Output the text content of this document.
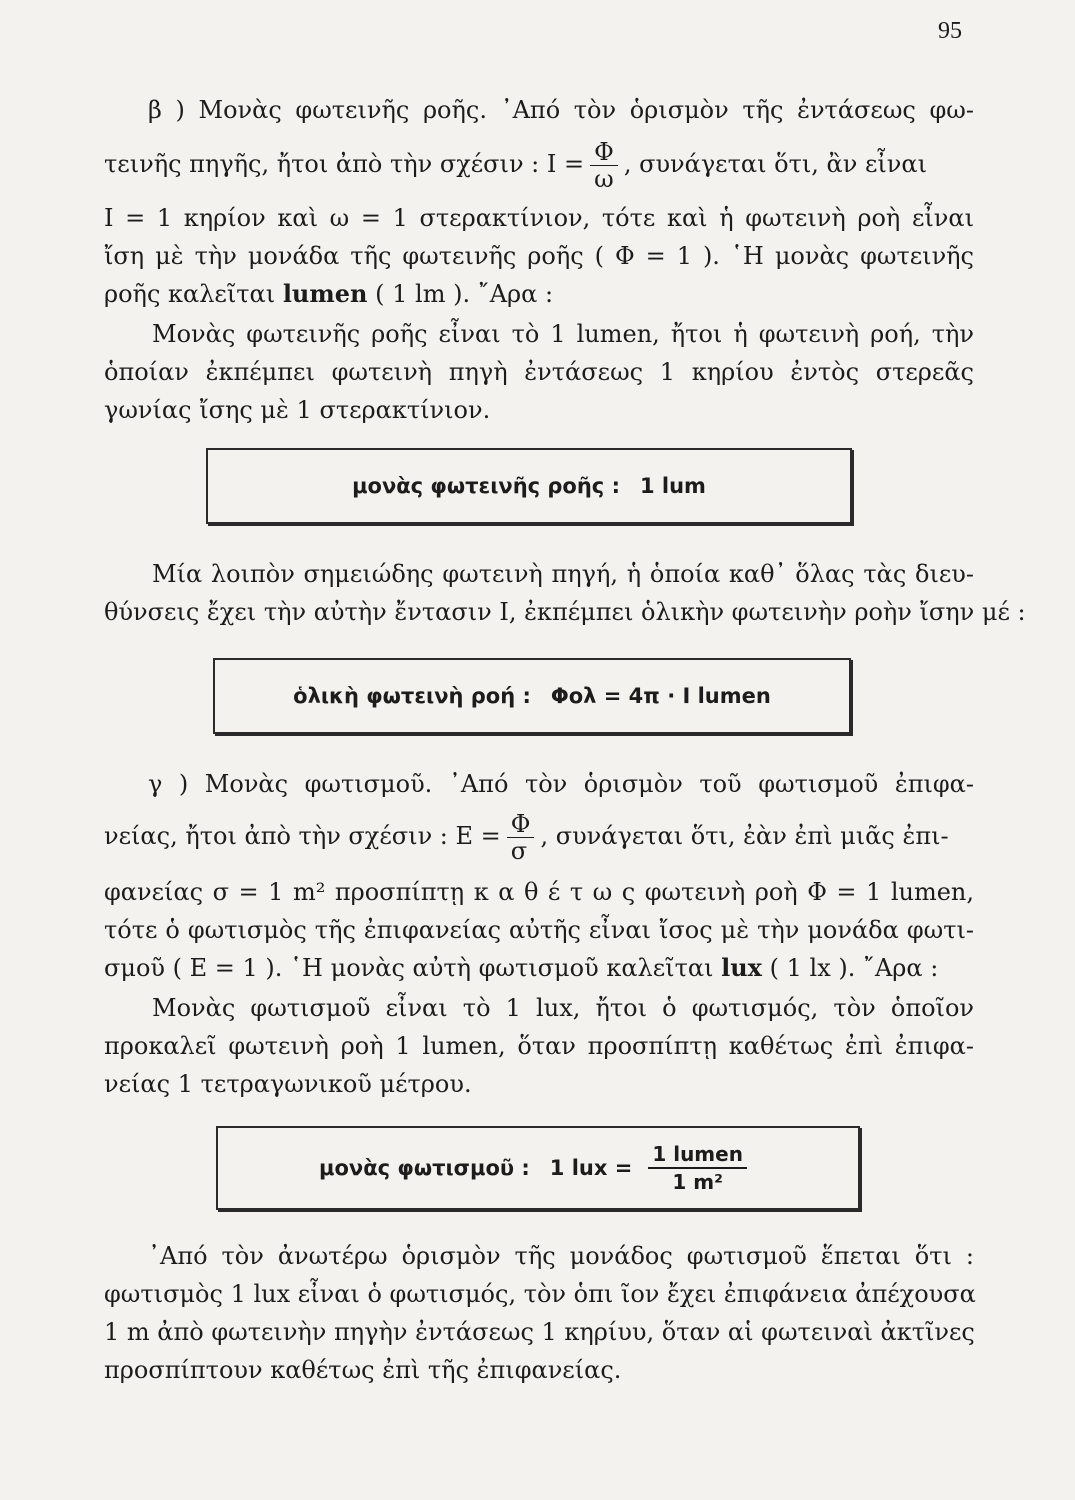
95
β ) Μονὰς φωτεινῆς ροῆς. ᾿Από τὸν ὁρισμὸν τῆς ἐντάσεως φω-
τεινῆς πηγῆς, ἤτοι ἀπὸ τὴν σχέσιν : $I = \frac{\Phi}{\omega}$ , συνάγεται ὅτι, ἂν εἶναι
Ι = 1 κηρίον καὶ ω = 1 στερακτίνιον, τότε καὶ ἡ φωτεινὴ ροὴ εἶναι
ἴση μὲ τὴν μονάδα τῆς φωτεινῆς ροῆς ( Φ = 1 ). ῾Η μονὰς φωτεινῆς
ροῆς καλεῖται lumen ( 1 lm ). ῎Αρα :
Μονὰς φωτεινῆς ροῆς εἶναι τὸ 1 lumen, ἤτοι ἡ φωτεινὴ ροή, τὴν
ὁποίαν ἐκπέμπει φωτεινὴ πηγὴ ἐντάσεως 1 κηρίου ἐντὸς στερεᾶς
γωνίας ἴσης μὲ 1 στερακτίνιον.
μονὰς φωτεινῆς ροῆς : 1 lum
Μία λοιπὸν σημειώδης φωτεινὴ πηγή, ἡ ὁποία καθ᾿ ὅλας τὰς διευ-
θύνσεις ἔχει τὴν αὐτὴν ἔντασιν Ι, ἐκπέμπει ὁλικὴν φωτεινὴν ροὴν ἴσην μέ :
ὁλικὴ φωτεινὴ ροή : Φολ = 4π · Ι lumen
γ ) Μονὰς φωτισμοῦ. ᾿Από τὸν ὁρισμὸν τοῦ φωτισμοῦ ἐπιφα-
νείας, ἤτοι ἀπὸ τὴν σχέσιν : $E = \frac{\Phi}{\sigma}$ , συνάγεται ὅτι, ἐὰν ἐπὶ μιᾶς ἐπι-
φανείας σ = 1 m² προσπίπτῃ κ α θ έ τ ω ς φωτεινὴ ροὴ Φ = 1 lumen,
τότε ὁ φωτισμὸς τῆς ἐπιφανείας αὐτῆς εἶναι ἴσος μὲ τὴν μονάδα φωτι-
σμοῦ ( Ε = 1 ). ῾Η μονὰς αὐτὴ φωτισμοῦ καλεῖται lux ( 1 lx ). ῎Αρα :
Μονὰς φωτισμοῦ εἶναι τὸ 1 lux, ἤτοι ὁ φωτισμός, τὸν ὁποῖον
προκαλεῖ φωτεινὴ ροὴ 1 lumen, ὅταν προσπίπτῃ καθέτως ἐπὶ ἐπιφα-
νείας 1 τετραγωνικοῦ μέτρου.
μονὰς φωτισμοῦ : 1 lux = $\frac{\text{1 lumen}}{\text{1 m²}}$
᾿Από τὸν ἀνωτέρω ὁρισμὸν τῆς μονάδος φωτισμοῦ ἕπεται ὅτι :
φωτισμὸς 1 lux εἶναι ὁ φωτισμός, τὸν ὁπι ῖον ἔχει ἐπιφάνεια ἀπέχουσα
1 m ἀπὸ φωτεινὴν πηγὴν ἐντάσεως 1 κηρίυυ, ὅταν αἱ φωτειναὶ ἀκτῖνες
προσπίπτουν καθέτως ἐπὶ τῆς ἐπιφανείας.
